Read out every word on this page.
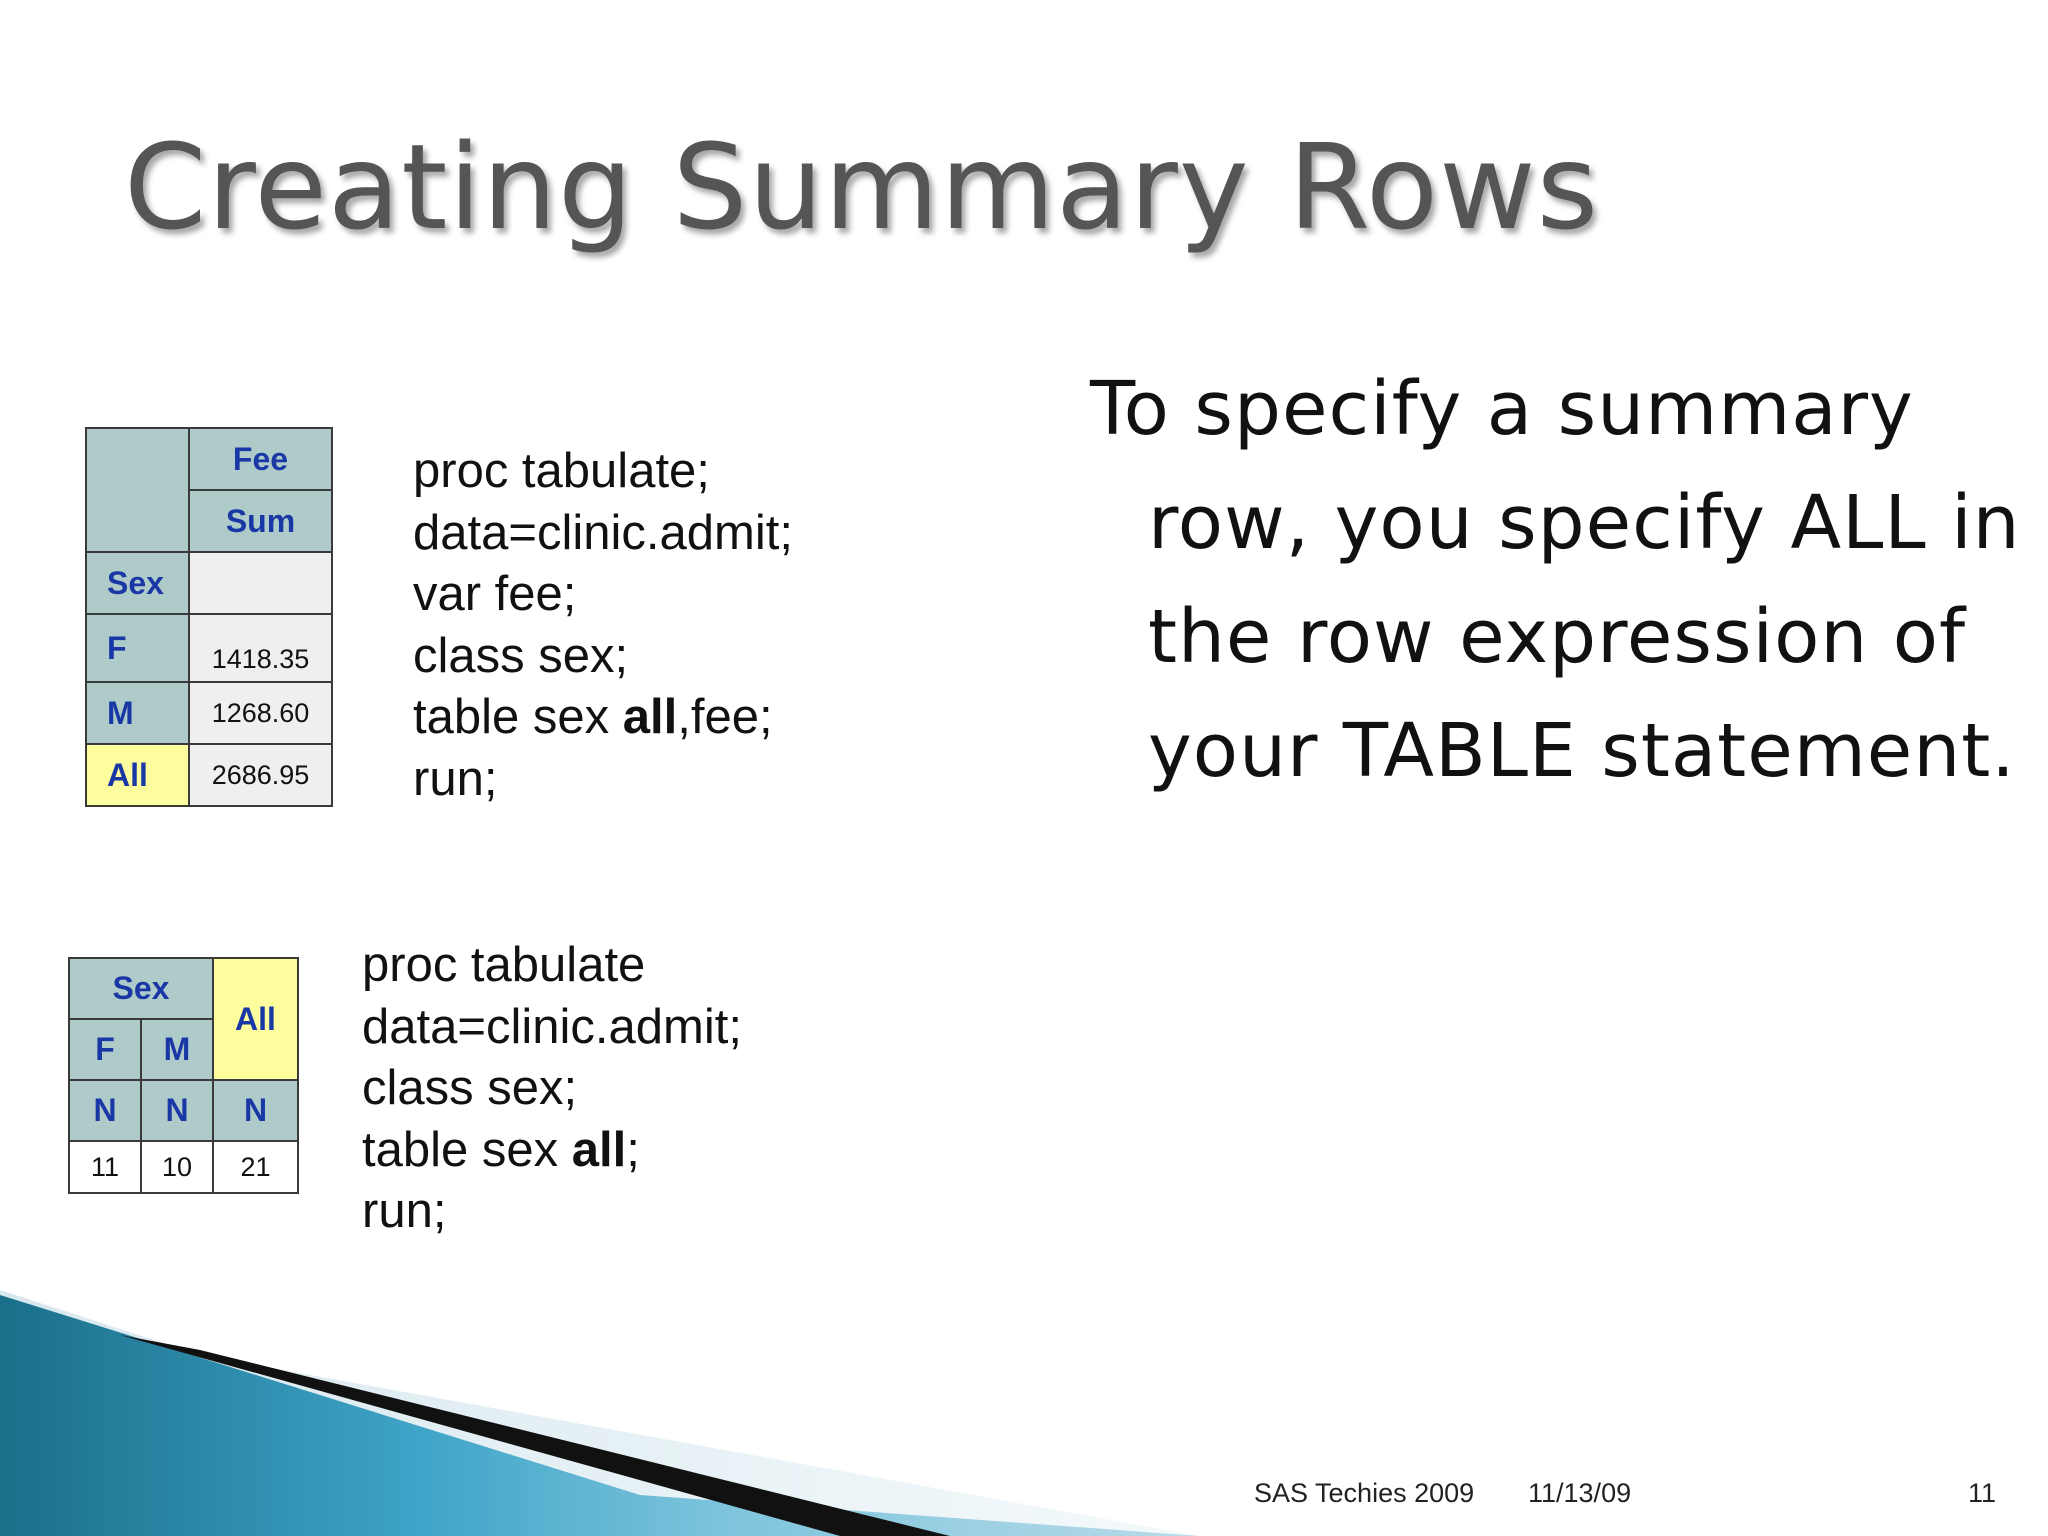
Creating Summary Rows
	Fee
	Sum
Sex	
F	1418.35
M	1268.60
All	2686.95
proc tabulate;
data=clinic.admit;
var fee;
class sex;
table sex all,fee;
run;
To specify a summary row, you specify ALL in the row expression of your TABLE statement.
Sex		All
F	M	
N	N	N
11	10	21
proc tabulate
data=clinic.admit;
class sex;
table sex all;
run;
SAS Techies 2009 11/13/09	11
